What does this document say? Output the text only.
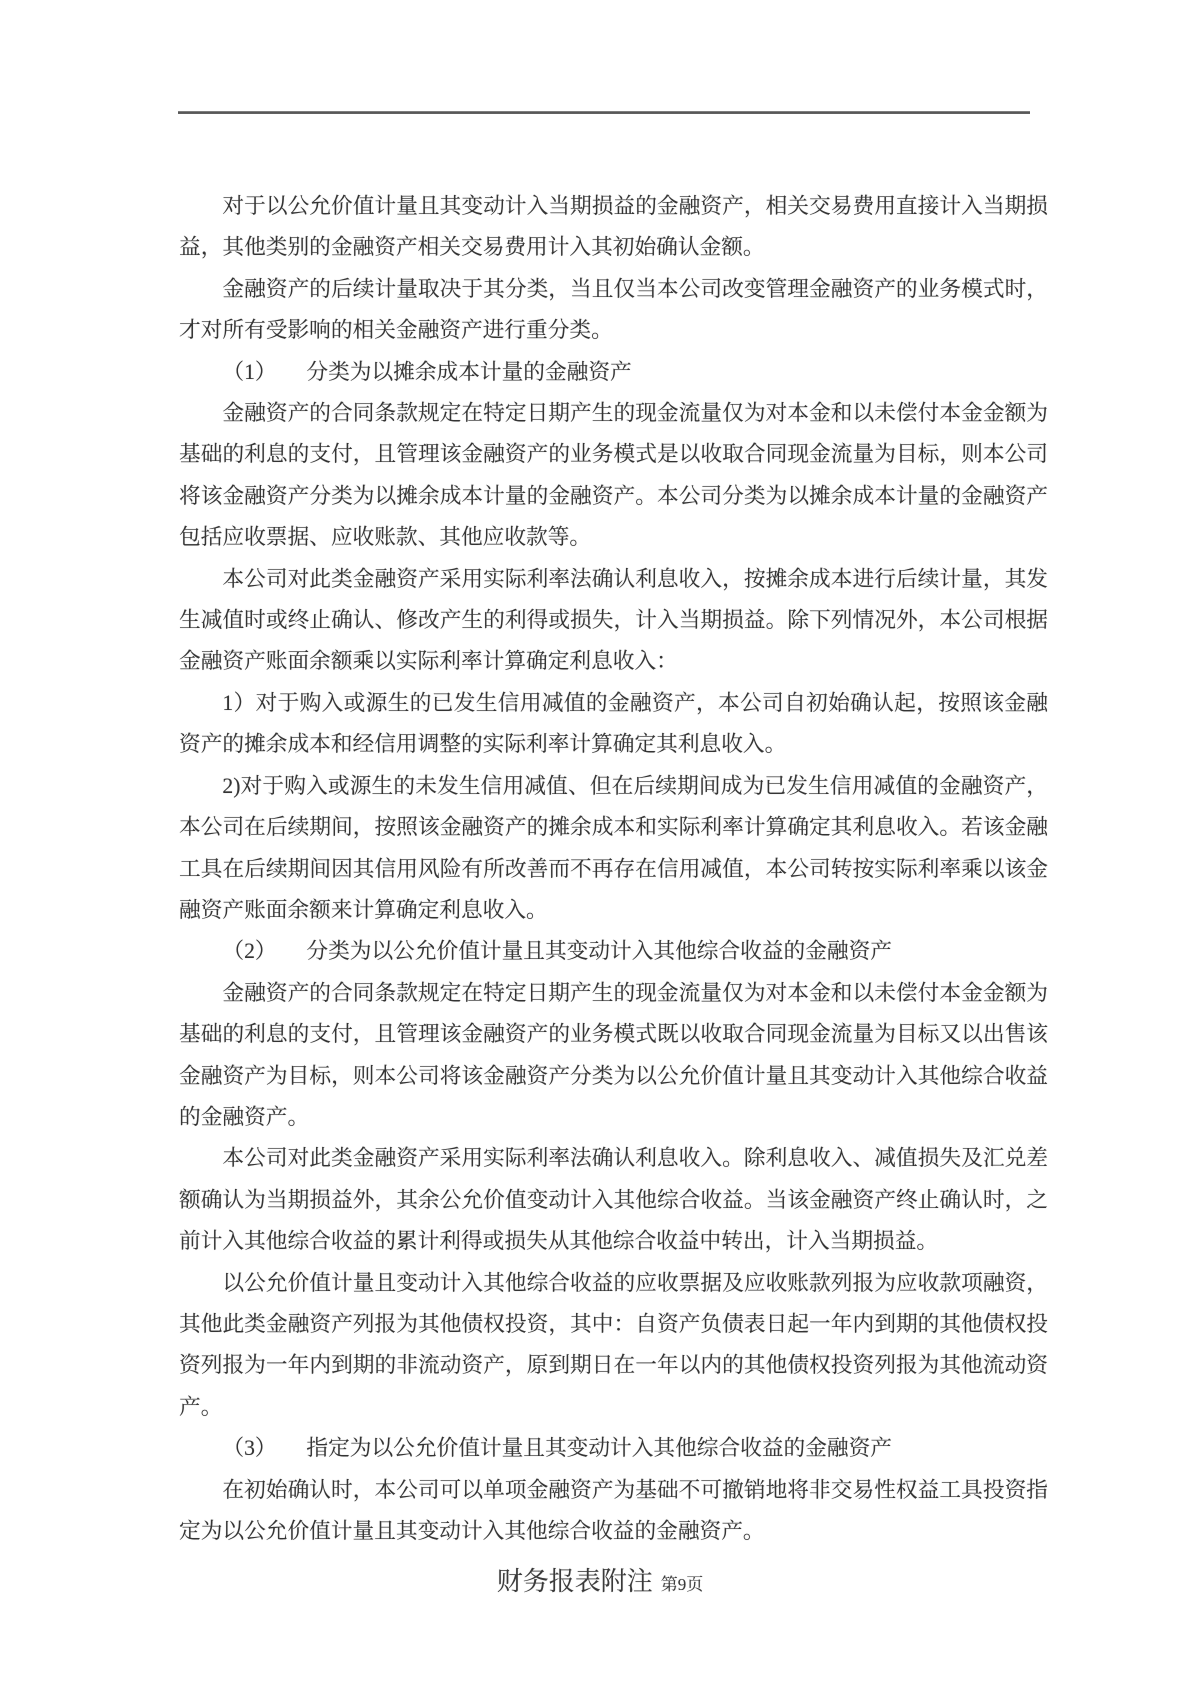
对于以公允价值计量且其变动计入当期损益的金融资产，相关交易费用直接计入当期损益，其他类别的金融资产相关交易费用计入其初始确认金额。

金融资产的后续计量取决于其分类，当且仅当本公司改变管理金融资产的业务模式时，才对所有受影响的相关金融资产进行重分类。

（1） 分类为以摊余成本计量的金融资产

金融资产的合同条款规定在特定日期产生的现金流量仅为对本金和以未偿付本金金额为基础的利息的支付，且管理该金融资产的业务模式是以收取合同现金流量为目标，则本公司将该金融资产分类为以摊余成本计量的金融资产。本公司分类为以摊余成本计量的金融资产包括应收票据、应收账款、其他应收款等。

本公司对此类金融资产采用实际利率法确认利息收入，按摊余成本进行后续计量，其发生减值时或终止确认、修改产生的利得或损失，计入当期损益。除下列情况外，本公司根据金融资产账面余额乘以实际利率计算确定利息收入：

1）对于购入或源生的已发生信用减值的金融资产，本公司自初始确认起，按照该金融资产的摊余成本和经信用调整的实际利率计算确定其利息收入。

2)对于购入或源生的未发生信用减值、但在后续期间成为已发生信用减值的金融资产，本公司在后续期间，按照该金融资产的摊余成本和实际利率计算确定其利息收入。若该金融工具在后续期间因其信用风险有所改善而不再存在信用减值，本公司转按实际利率乘以该金融资产账面余额来计算确定利息收入。

（2） 分类为以公允价值计量且其变动计入其他综合收益的金融资产

金融资产的合同条款规定在特定日期产生的现金流量仅为对本金和以未偿付本金金额为基础的利息的支付，且管理该金融资产的业务模式既以收取合同现金流量为目标又以出售该金融资产为目标，则本公司将该金融资产分类为以公允价值计量且其变动计入其他综合收益的金融资产。

本公司对此类金融资产采用实际利率法确认利息收入。除利息收入、减值损失及汇兑差额确认为当期损益外，其余公允价值变动计入其他综合收益。当该金融资产终止确认时，之前计入其他综合收益的累计利得或损失从其他综合收益中转出，计入当期损益。

以公允价值计量且变动计入其他综合收益的应收票据及应收账款列报为应收款项融资，其他此类金融资产列报为其他债权投资，其中：自资产负债表日起一年内到期的其他债权投资列报为一年内到期的非流动资产，原到期日在一年以内的其他债权投资列报为其他流动资产。

（3） 指定为以公允价值计量且其变动计入其他综合收益的金融资产

在初始确认时，本公司可以单项金融资产为基础不可撤销地将非交易性权益工具投资指定为以公允价值计量且其变动计入其他综合收益的金融资产。

财务报表附注 第9页
